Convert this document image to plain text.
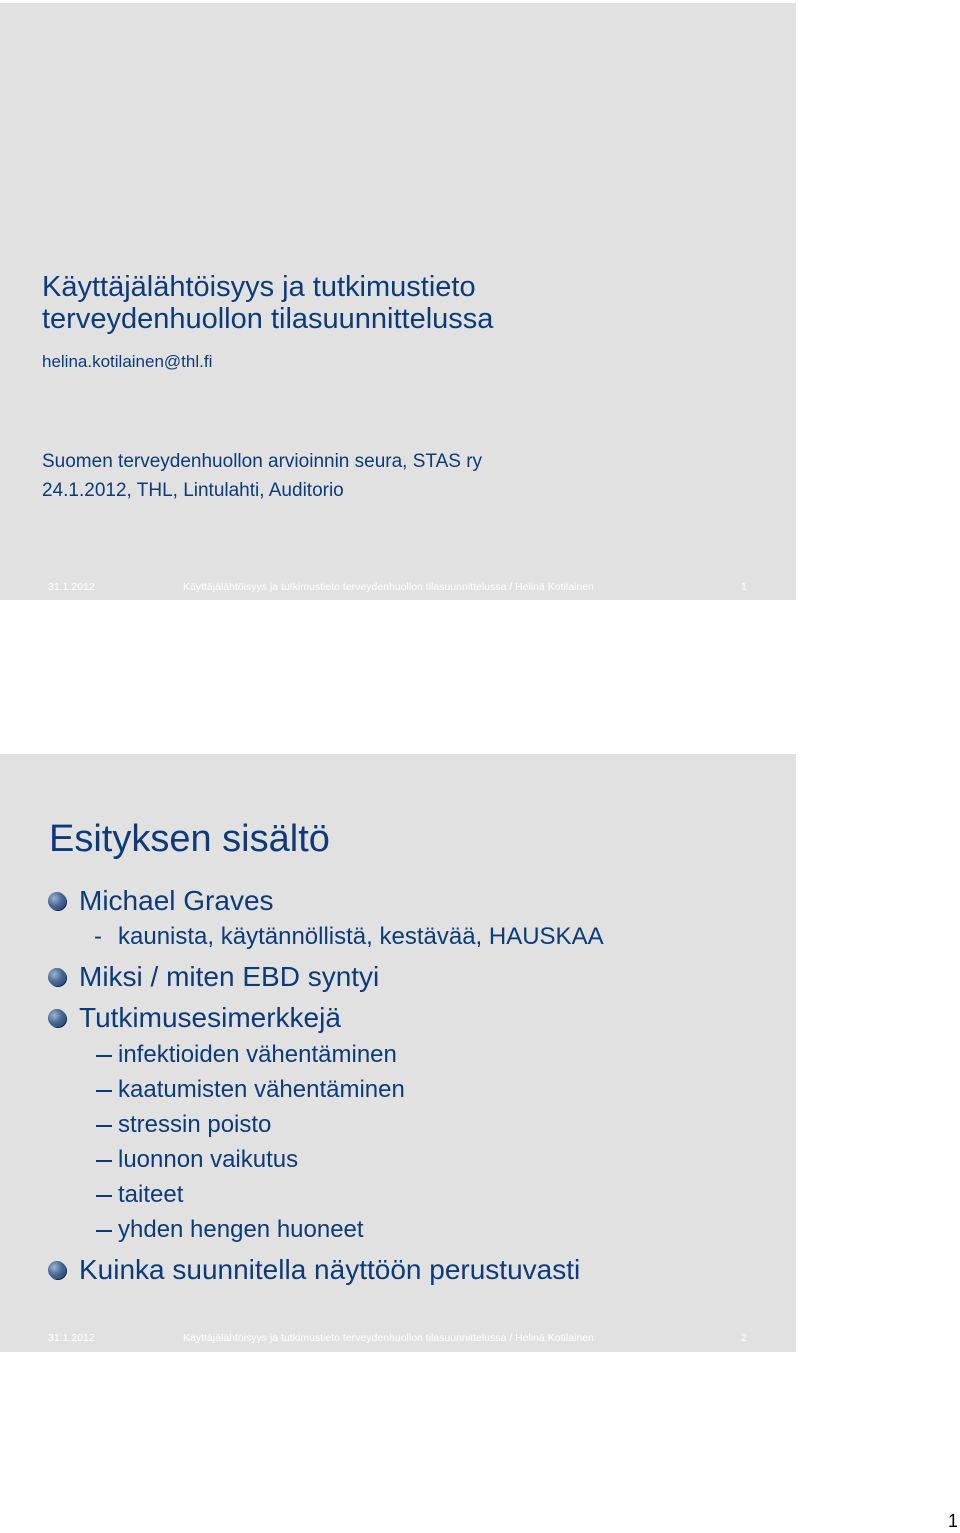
Käyttäjälähtöisyys ja tutkimustieto
terveydenhuollon tilasuunnittelussa
helina.kotilainen@thl.fi
Suomen terveydenhuollon arvioinnin seura, STAS ry
24.1.2012, THL, Lintulahti, Auditorio
31.1.2012	Käyttäjälähtöisyys ja tutkimustieto terveydenhuollon tilasuunnittelussa / Helinä Kotilainen	1
Esityksen sisältö
Michael Graves
- kaunista, käytännöllistä, kestävää, HAUSKAA
Miksi / miten EBD syntyi
Tutkimusesimerkkejä
infektioiden vähentäminen
kaatumisten vähentäminen
stressin poisto
luonnon vaikutus
taiteet
yhden hengen huoneet
Kuinka suunnitella näyttöön perustuvasti
31.1.2012	Käyttäjälähtöisyys ja tutkimustieto terveydenhuollon tilasuunnittelussa / Helinä Kotilainen	2
1
